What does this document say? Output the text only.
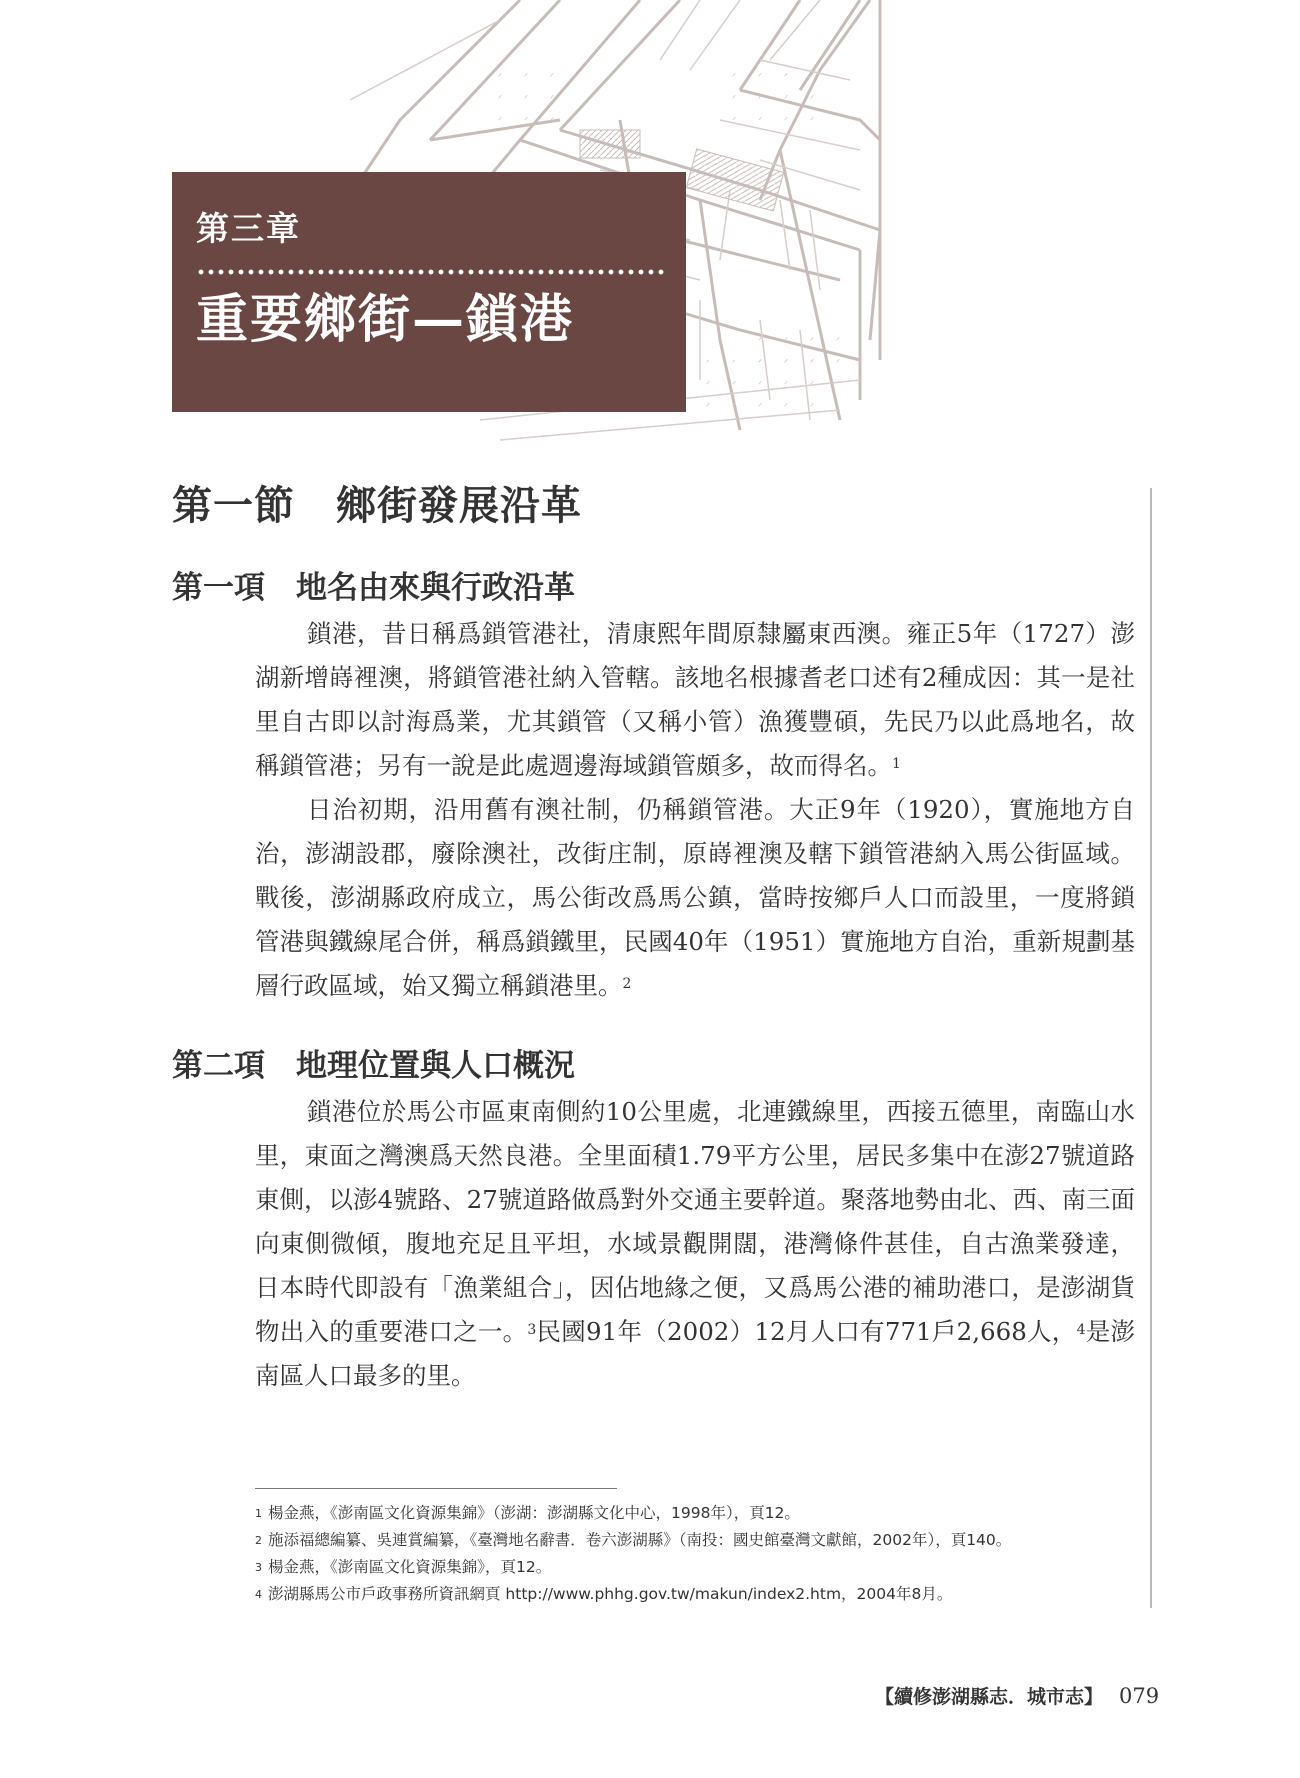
第三章
重要鄉街—鎖港
第一節　鄉街發展沿革
第一項　地名由來與行政沿革

鎖港，昔日稱爲鎖管港社，清康熙年間原隸屬東西澳。雍正5年（1727）澎湖新增嵵裡澳，將鎖管港社納入管轄。該地名根據耆老口述有2種成因：其一是社里自古即以討海爲業，尤其鎖管（又稱小管）漁獲豐碩，先民乃以此爲地名，故稱鎖管港；另有一說是此處週邊海域鎖管頗多，故而得名。$^1$

日治初期，沿用舊有澳社制，仍稱鎖管港。大正9年（1920），實施地方自治，澎湖設郡，廢除澳社，改街庄制，原嵵裡澳及轄下鎖管港納入馬公街區域。戰後，澎湖縣政府成立，馬公街改爲馬公鎮，當時按鄉戶人口而設里，一度將鎖管港與鐵線尾合併，稱爲鎖鐵里，民國40年（1951）實施地方自治，重新規劃基層行政區域，始又獨立稱鎖港里。$^2$

第二項　地理位置與人口概況

鎖港位於馬公市區東南側約10公里處，北連鐵線里，西接五德里，南臨山水里，東面之灣澳爲天然良港。全里面積1.79平方公里，居民多集中在澎27號道路東側，以澎4號路、27號道路做爲對外交通主要幹道。聚落地勢由北、西、南三面向東側微傾，腹地充足且平坦，水域景觀開闊，港灣條件甚佳，自古漁業發達，日本時代即設有「漁業組合」，因佔地緣之便，又爲馬公港的補助港口，是澎湖貨物出入的重要港口之一。$^3$民國91年（2002）12月人口有771戶2,668人，$^4$是澎南區人口最多的里。

$^1$ 楊金燕，《澎南區文化資源集錦》（澎湖：澎湖縣文化中心，1998年），頁12。
$^2$ 施添福總編纂、吳連賞編纂，《臺灣地名辭書．卷六澎湖縣》（南投：國史館臺灣文獻館，2002年），頁140。
$^3$ 楊金燕，《澎南區文化資源集錦》，頁12。
$^4$ 澎湖縣馬公市戶政事務所資訊網頁 http://www.phhg.gov.tw/makun/index2.htm，2004年8月。
【續修澎湖縣志．城市志】 079
